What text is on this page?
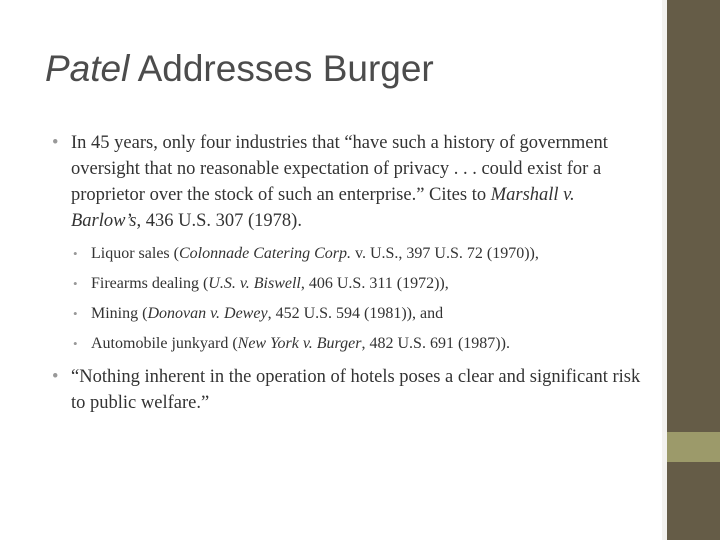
Patel Addresses Burger
• In 45 years, only four industries that “have such a history of government oversight that no reasonable expectation of privacy . . . could exist for a proprietor over the stock of such an enterprise.” Cites to Marshall v. Barlow’s, 436 U.S. 307 (1978).
• Liquor sales (Colonnade Catering Corp. v. U.S., 397 U.S. 72 (1970)),
• Firearms dealing (U.S. v. Biswell, 406 U.S. 311 (1972)),
• Mining (Donovan v. Dewey, 452 U.S. 594 (1981)), and
• Automobile junkyard (New York v. Burger, 482 U.S. 691 (1987)).
• “Nothing inherent in the operation of hotels poses a clear and significant risk to public welfare.”
